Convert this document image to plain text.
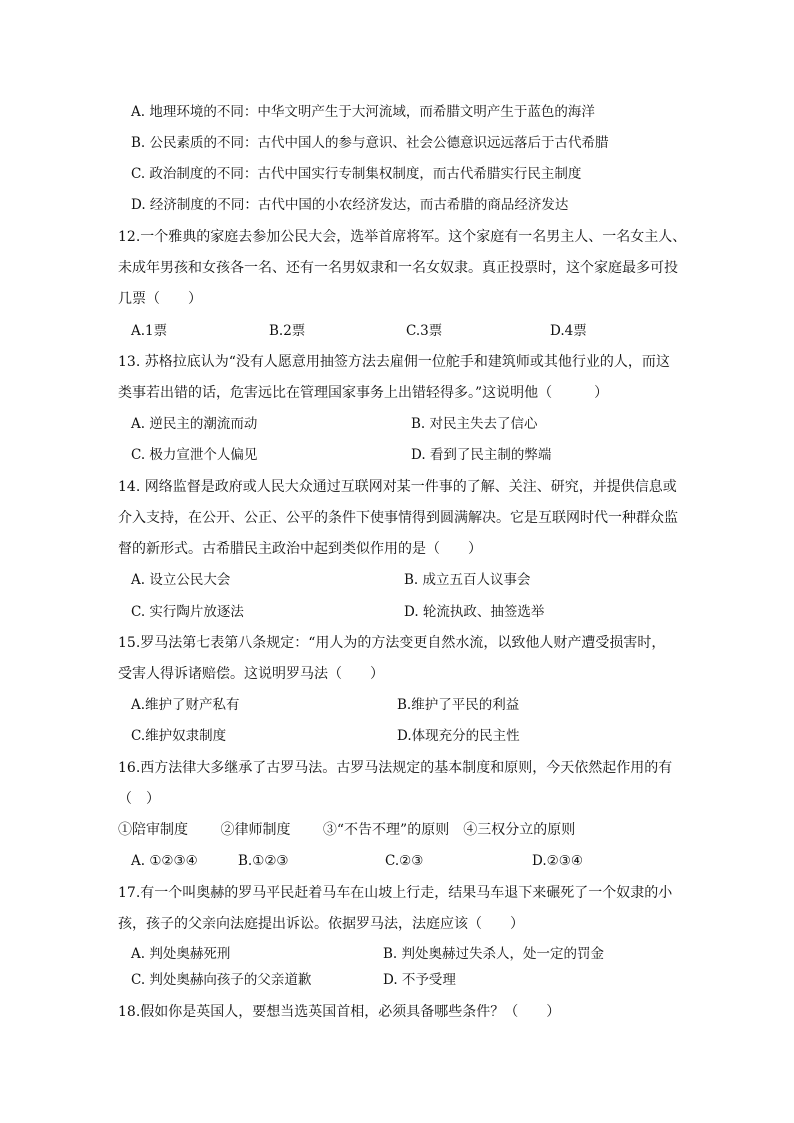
A. 地理环境的不同：中华文明产生于大河流域，而希腊文明产生于蓝色的海洋
B. 公民素质的不同：古代中国人的参与意识、社会公德意识远远落后于古代希腊
C. 政治制度的不同：古代中国实行专制集权制度，而古代希腊实行民主制度
D. 经济制度的不同：古代中国的小农经济发达，而古希腊的商品经济发达
12.一个雅典的家庭去参加公民大会，选举首席将军。这个家庭有一名男主人、一名女主人、
未成年男孩和女孩各一名、还有一名男奴隶和一名女奴隶。真正投票时，这个家庭最多可投
几票（　　）
A.1票	B.2票	C.3票	D.4票
13. 苏格拉底认为“没有人愿意用抽签方法去雇佣一位舵手和建筑师或其他行业的人，而这
类事若出错的话，危害远比在管理国家事务上出错轻得多。”这说明他（　　　）
A. 逆民主的潮流而动	B. 对民主失去了信心
C. 极力宣泄个人偏见	D. 看到了民主制的弊端
14. 网络监督是政府或人民大众通过互联网对某一件事的了解、关注、研究，并提供信息或
介入支持，在公开、公正、公平的条件下使事情得到圆满解决。它是互联网时代一种群众监
督的新形式。古希腊民主政治中起到类似作用的是（　　）
A. 设立公民大会	B. 成立五百人议事会
C. 实行陶片放逐法	D. 轮流执政、抽签选举
15.罗马法第七表第八条规定：“用人为的方法变更自然水流，以致他人财产遭受损害时，
受害人得诉诸赔偿。这说明罗马法（　　）
A.维护了财产私有	B.维护了平民的利益
C.维护奴隶制度	D.体现充分的民主性
16.西方法律大多继承了古罗马法。古罗马法规定的基本制度和原则，今天依然起作用的有
（　）
①陪审制度　　 ②律师制度　　 ③“不告不理”的原则　④三权分立的原则
A. ①②③④	B.①②③	C.②③	D.②③④
17.有一个叫奥赫的罗马平民赶着马车在山坡上行走，结果马车退下来碾死了一个奴隶的小
孩，孩子的父亲向法庭提出诉讼。依据罗马法，法庭应该（　　）
A. 判处奥赫死刑	B. 判处奥赫过失杀人，处一定的罚金
C. 判处奥赫向孩子的父亲道歉	D. 不予受理
18.假如你是英国人，要想当选英国首相，必须具备哪些条件？（　　）
